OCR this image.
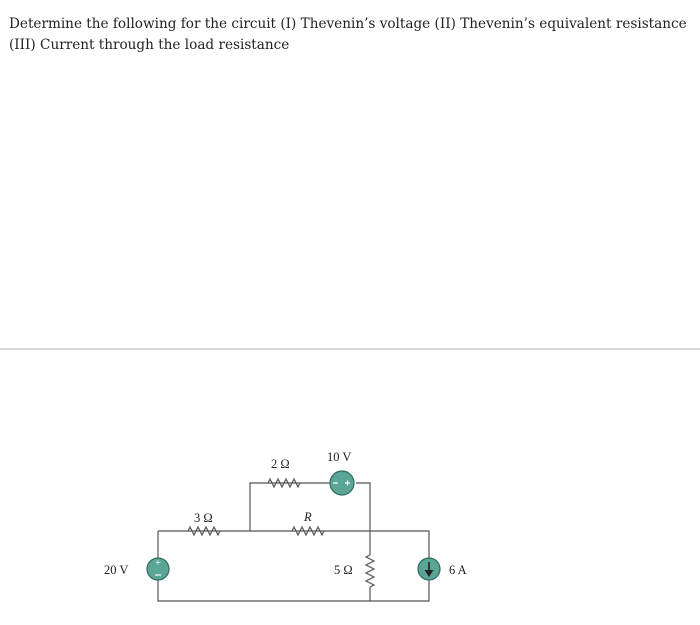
Determine the following for the circuit (I) Thevenin’s voltage (II) Thevenin’s equivalent resistance (III) Current through the load resistance
+
20 V
3 Ω
2 Ω	10 V
R
5 Ω	6 A
